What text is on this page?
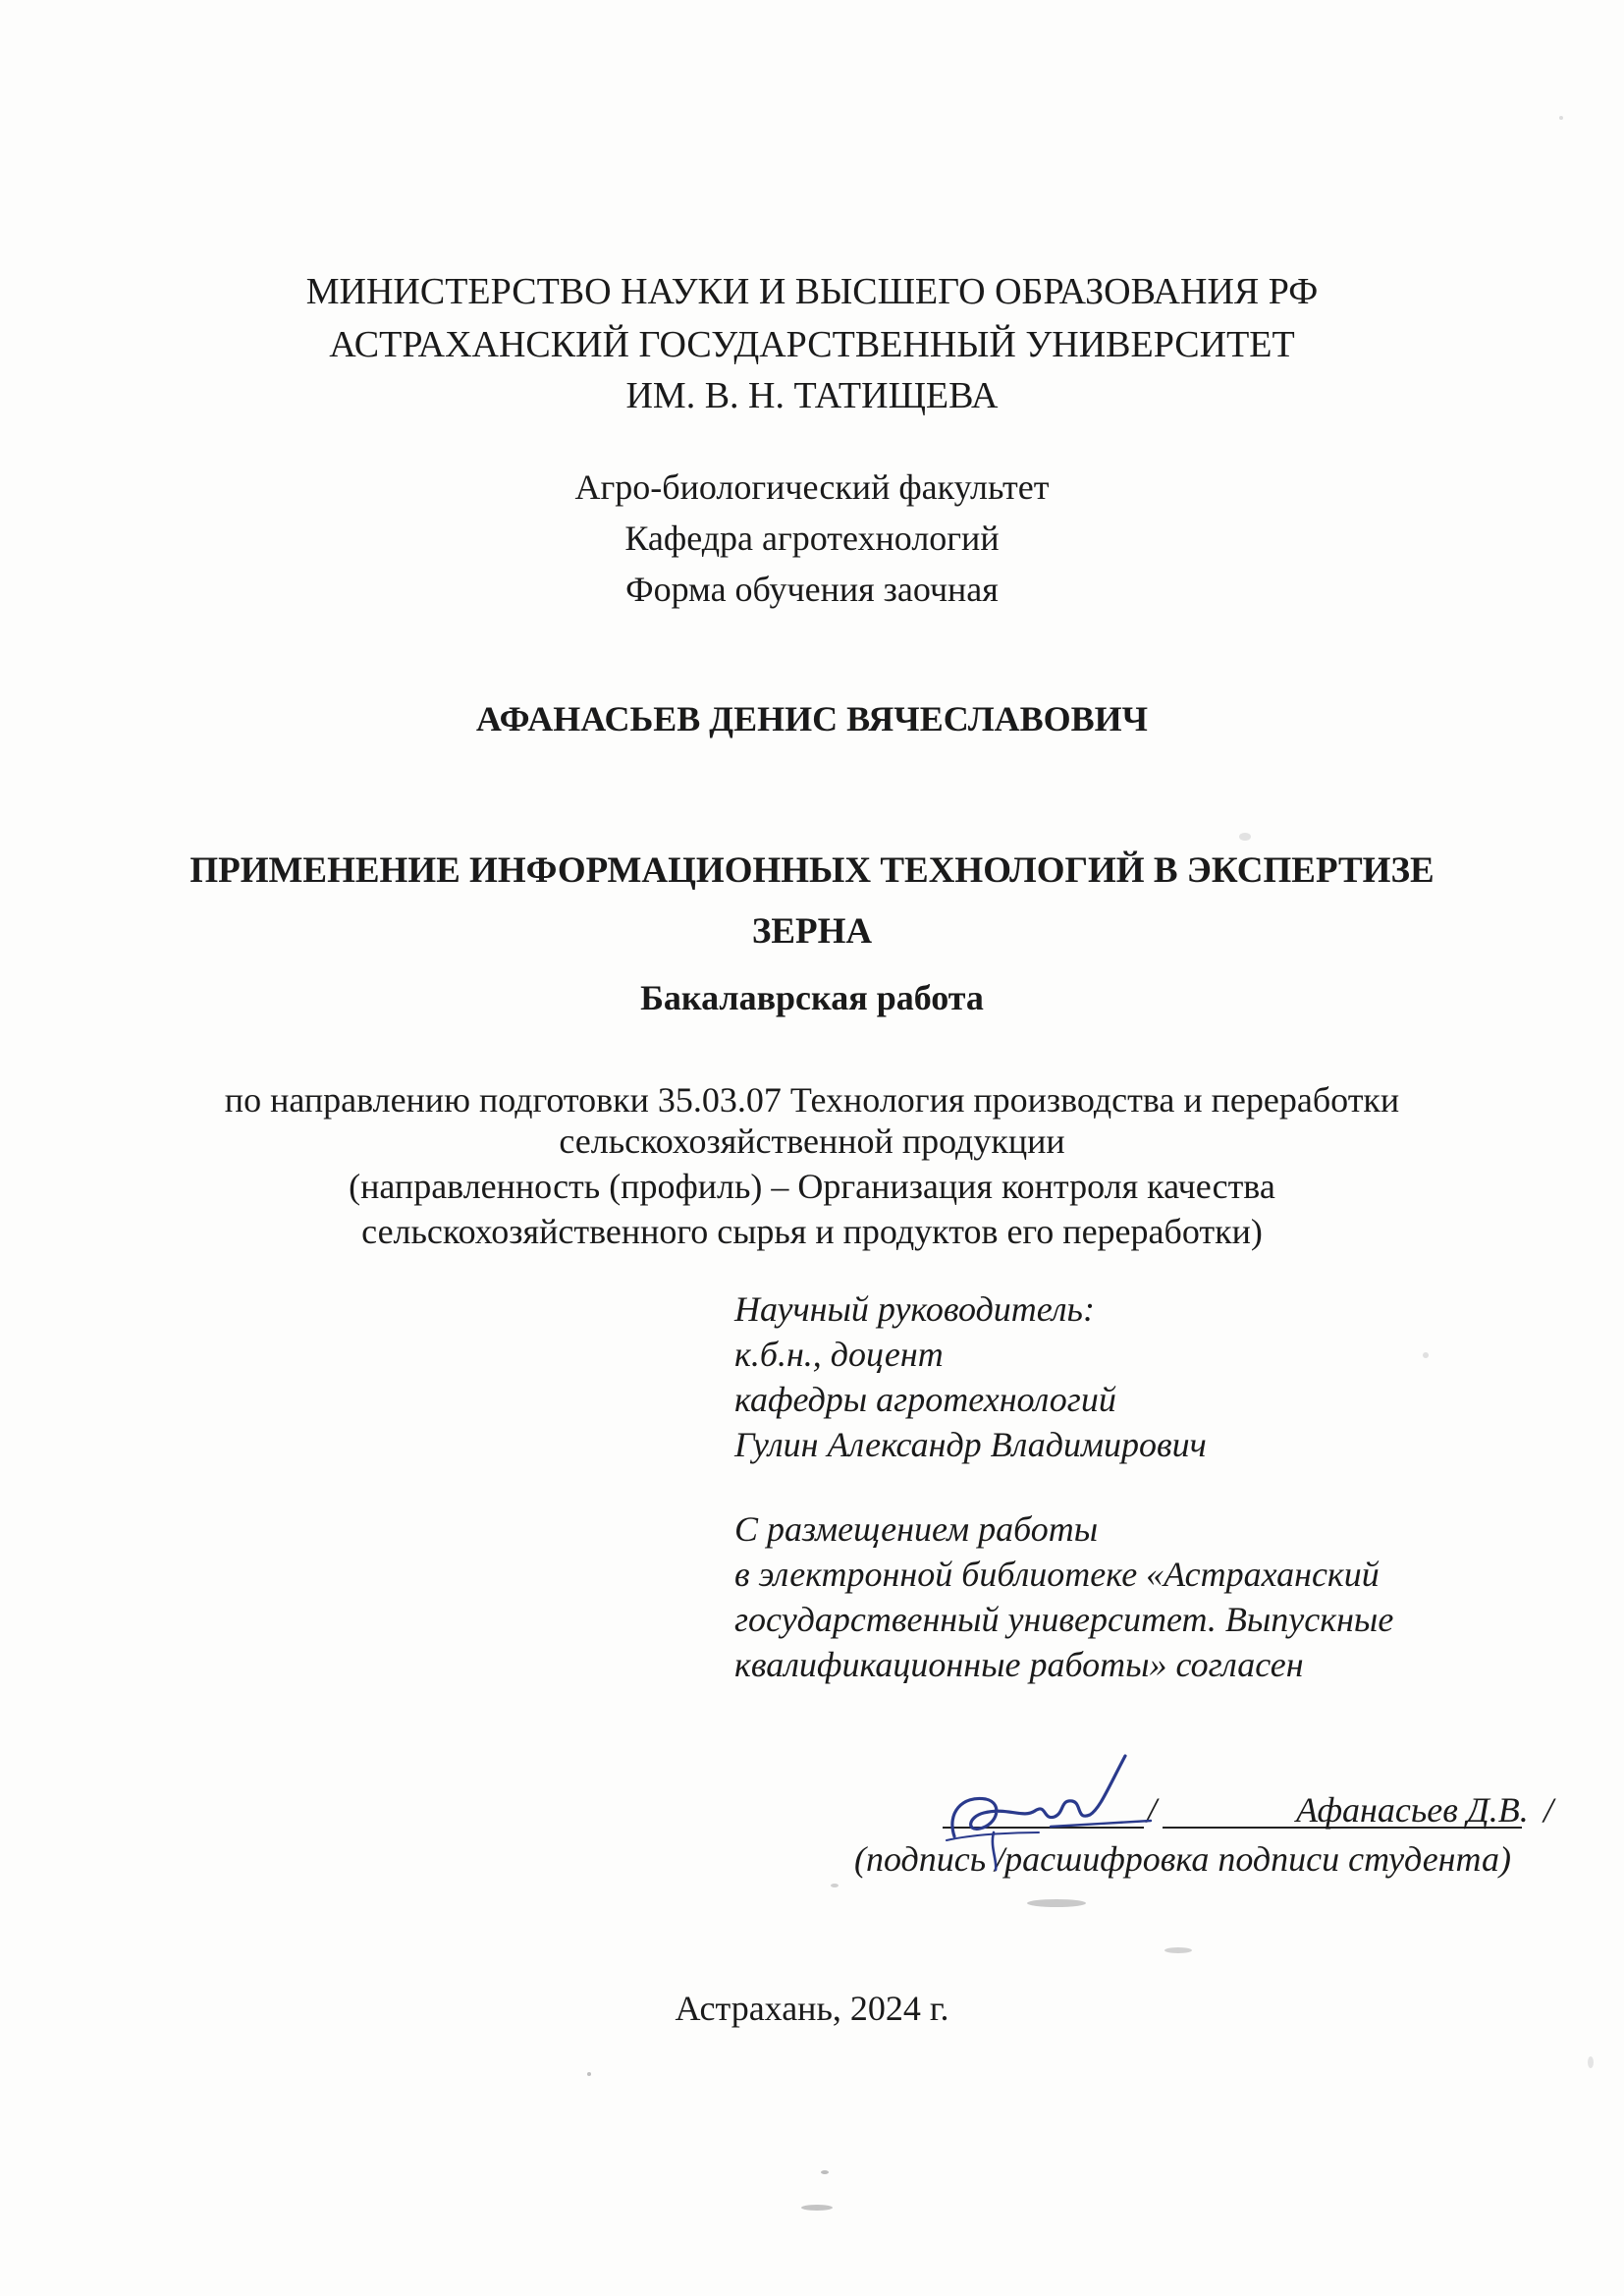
МИНИСТЕРСТВО НАУКИ И ВЫСШЕГО ОБРАЗОВАНИЯ РФ
АСТРАХАНСКИЙ ГОСУДАРСТВЕННЫЙ УНИВЕРСИТЕТ
ИМ. В. Н. ТАТИЩЕВА
Агро-биологический факультет
Кафедра агротехнологий
Форма обучения заочная
АФАНАСЬЕВ ДЕНИС ВЯЧЕСЛАВОВИЧ
ПРИМЕНЕНИЕ ИНФОРМАЦИОННЫХ ТЕХНОЛОГИЙ В ЭКСПЕРТИЗЕ
ЗЕРНА
Бакалаврская работа
по направлению подготовки 35.03.07 Технология производства и переработки
сельскохозяйственной продукции
(направленность (профиль) – Организация контроля качества
сельскохозяйственного сырья и продуктов его переработки)
Научный руководитель:
к.б.н., доцент
кафедры агротехнологий
Гулин Александр Владимирович
С размещением работы
в электронной библиотеке «Астраханский
государственный университет. Выпускные
квалификационные работы» согласен
/	Афанасьев Д.В. /
(подпись /расшифровка подписи студента)
Астрахань, 2024 г.
